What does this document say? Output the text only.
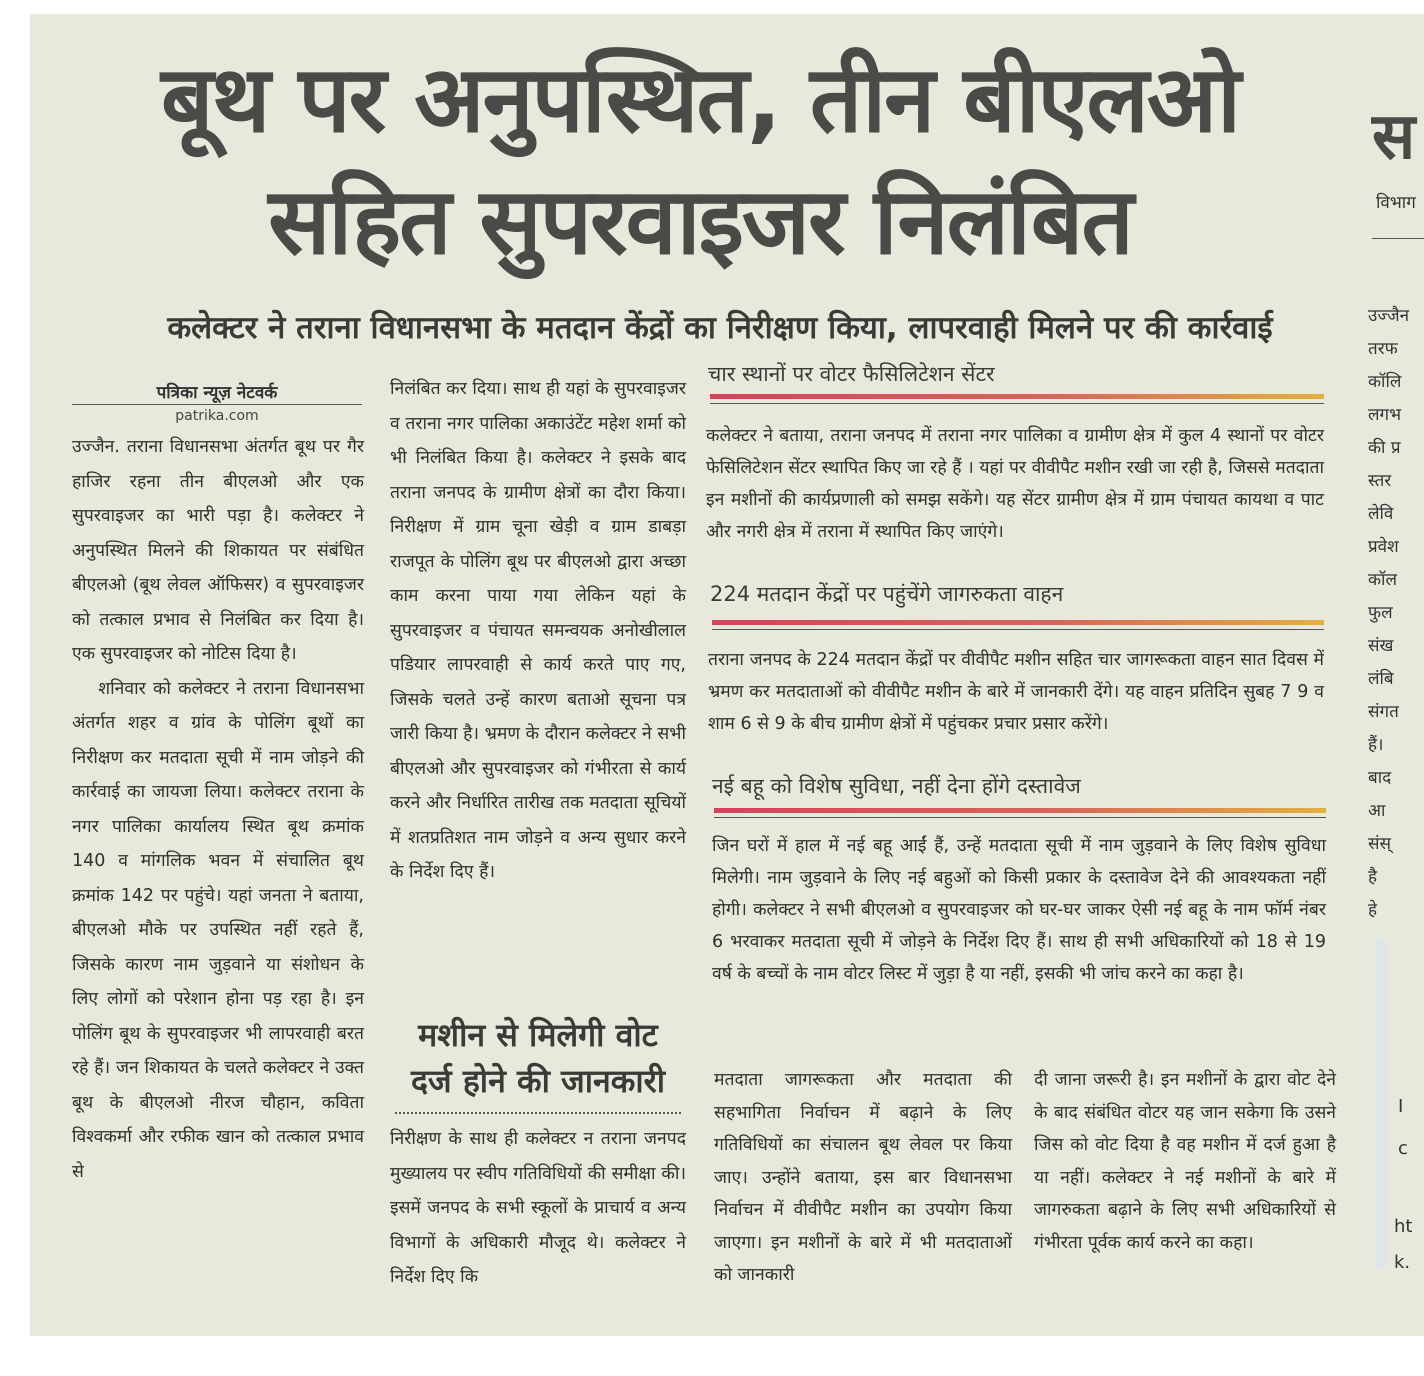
बूथ पर अनुपस्थित, तीन बीएलओ
सहित सुपरवाइजर निलंबित
कलेक्टर ने तराना विधानसभा के मतदान केंद्रों का निरीक्षण किया, लापरवाही मिलने पर की कार्रवाई
पत्रिका न्यूज़ नेटवर्क
patrika.com

उज्जैन. तराना विधानसभा अंतर्गत बूथ पर गैर हाजिर रहना तीन बीएलओ और एक सुपरवाइजर का भारी पड़ा है। कलेक्टर ने अनुपस्थित मिलने की शिकायत पर संबंधित बीएलओ (बूथ लेवल ऑफिसर) व सुपरवाइजर को तत्काल प्रभाव से निलंबित कर दिया है। एक सुपरवाइजर को नोटिस दिया है।

शनिवार को कलेक्टर ने तराना विधानसभा अंतर्गत शहर व ग्रांव के पोलिंग बूथों का निरीक्षण कर मतदाता सूची में नाम जोड़ने की कार्रवाई का जायजा लिया। कलेक्टर तराना के नगर पालिका कार्यालय स्थित बूथ क्रमांक 140 व मांगलिक भवन में संचालित बूथ क्रमांक 142 पर पहुंचे। यहां जनता ने बताया, बीएलओ मौके पर उपस्थित नहीं रहते हैं, जिसके कारण नाम जुड़वाने या संशोधन के लिए लोगों को परेशान होना पड़ रहा है। इन पोलिंग बूथ के सुपरवाइजर भी लापरवाही बरत रहे हैं। जन शिकायत के चलते कलेक्टर ने उक्त बूथ के बीएलओ नीरज चौहान, कविता विश्वकर्मा और रफीक खान को तत्काल प्रभाव से

निलंबित कर दिया। साथ ही यहां के सुपरवाइजर व तराना नगर पालिका अकाउंटेंट महेश शर्मा को भी निलंबित किया है। कलेक्टर ने इसके बाद तराना जनपद के ग्रामीण क्षेत्रों का दौरा किया। निरीक्षण में ग्राम चूना खेड़ी व ग्राम डाबड़ा राजपूत के पोलिंग बूथ पर बीएलओ द्वारा अच्छा काम करना पाया गया लेकिन यहां के सुपरवाइजर व पंचायत समन्वयक अनोखीलाल पडियार लापरवाही से कार्य करते पाए गए, जिसके चलते उन्हें कारण बताओ सूचना पत्र जारी किया है। भ्रमण के दौरान कलेक्टर ने सभी बीएलओ और सुपरवाइजर को गंभीरता से कार्य करने और निर्धारित तारीख तक मतदाता सूचियों में शतप्रतिशत नाम जोड़ने व अन्य सुधार करने के निर्देश दिए हैं।

मशीन से मिलेगी वोट
दर्ज होने की जानकारी

निरीक्षण के साथ ही कलेक्टर न तराना जनपद मुख्यालय पर स्वीप गतिविधियों की समीक्षा की। इसमें जनपद के सभी स्कूलों के प्राचार्य व अन्य विभागों के अधिकारी मौजूद थे। कलेक्टर ने निर्देश दिए कि

चार स्थानों पर वोटर फैसिलिटेशन सेंटर
कलेक्टर ने बताया, तराना जनपद में तराना नगर पालिका व ग्रामीण क्षेत्र में कुल 4 स्थानों पर वोटर फेसिलिटेशन सेंटर स्थापित किए जा रहे हैं । यहां पर वीवीपैट मशीन रखी जा रही है, जिससे मतदाता इन मशीनों की कार्यप्रणाली को समझ सकेंगे। यह सेंटर ग्रामीण क्षेत्र में ग्राम पंचायत कायथा व पाट और नगरी क्षेत्र में तराना में स्थापित किए जाएंगे।
224 मतदान केंद्रों पर पहुंचेंगे जागरुकता वाहन
तराना जनपद के 224 मतदान केंद्रों पर वीवीपैट मशीन सहित चार जागरूकता वाहन सात दिवस में भ्रमण कर मतदाताओं को वीवीपैट मशीन के बारे में जानकारी देंगे। यह वाहन प्रतिदिन सुबह 7 9 व शाम 6 से 9 के बीच ग्रामीण क्षेत्रों में पहुंचकर प्रचार प्रसार करेंगे।
नई बहू को विशेष सुविधा, नहीं देना होंगे दस्तावेज
जिन घरों में हाल में नई बहू आईं हैं, उन्हें मतदाता सूची में नाम जुड़वाने के लिए विशेष सुविधा मिलेगी। नाम जुड़वाने के लिए नई बहुओं को किसी प्रकार के दस्तावेज देने की आवश्यकता नहीं होगी। कलेक्टर ने सभी बीएलओ व सुपरवाइजर को घर-घर जाकर ऐसी नई बहू के नाम फॉर्म नंबर 6 भरवाकर मतदाता सूची में जोड़ने के निर्देश दिए हैं। साथ ही सभी अधिकारियों को 18 से 19 वर्ष के बच्चों के नाम वोटर लिस्ट में जुड़ा है या नहीं, इसकी भी जांच करने का कहा है।
मतदाता जागरूकता और मतदाता की सहभागिता निर्वाचन में बढ़ाने के लिए गतिविधियों का संचालन बूथ लेवल पर किया जाए। उन्होंने बताया, इस बार विधानसभा निर्वाचन में वीवीपैट मशीन का उपयोग किया जाएगा। इन मशीनों के बारे में भी मतदाताओं को जानकारी
दी जाना जरूरी है। इन मशीनों के द्वारा वोट देने के बाद संबंधित वोटर यह जान सकेगा कि उसने जिस को वोट दिया है वह मशीन में दर्ज हुआ है या नहीं। कलेक्टर ने नई मशीनों के बारे में जागरुकता बढ़ाने के लिए सभी अधिकारियों से गंभीरता पूर्वक कार्य करने का कहा।
स
विभाग
उज्जैन
तरफ
कॉलि
लगभ
की प्र
स्तर
लेवि
प्रवेश
कॉल
फुल
संख
लंबि
संगत
हैं।
बाद
आ
संस्
है
हे
I
c
ht
k.
